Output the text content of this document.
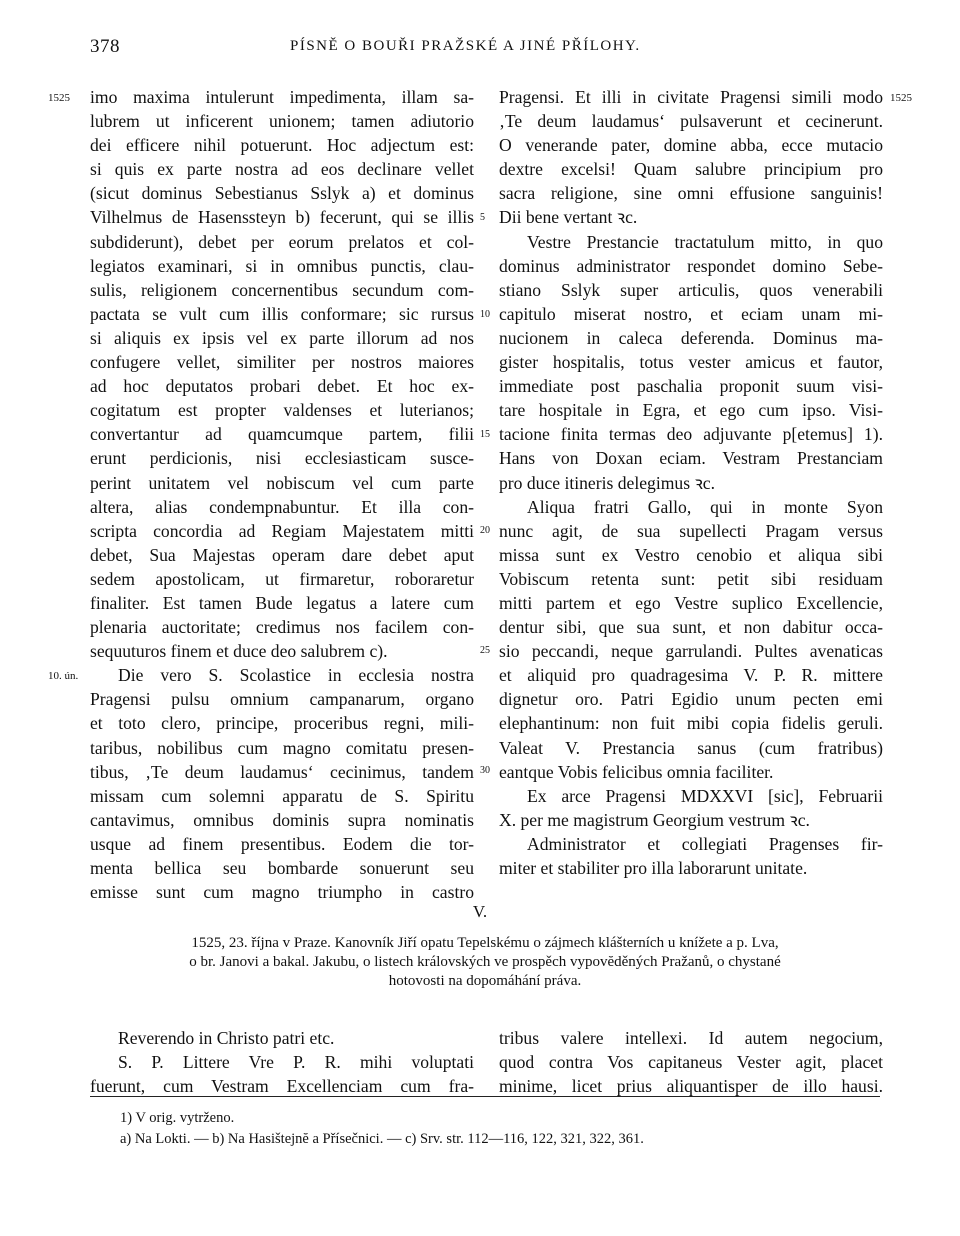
378	PÍSNĚ O BOUŘI PRAŽSKÉ A JINÉ PŘÍLOHY.
1525	1525
10. ún.
5
10
15
20
25
30
imo maxima intulerunt impedimenta, illam sa-
lubrem ut inficerent unionem; tamen adiutorio
dei efficere nihil potuerunt. Hoc adjectum est:
si quis ex parte nostra ad eos declinare vellet
(sicut dominus Sebestianus Sslyk a) et dominus
Vilhelmus de Hasenssteyn b) fecerunt, qui se illis
subdiderunt), debet per eorum prelatos et col-
legiatos examinari, si in omnibus punctis, clau-
sulis, religionem concernentibus secundum com-
pactata se vult cum illis conformare; sic rursus
si aliquis ex ipsis vel ex parte illorum ad nos
confugere vellet, similiter per nostros maiores
ad hoc deputatos probari debet. Et hoc ex-
cogitatum est propter valdenses et luterianos;
convertantur ad quamcumque partem, filii
erunt perdicionis, nisi ecclesiasticam susce-
perint unitatem vel nobiscum vel cum parte
altera, alias condempnabuntur. Et illa con-
scripta concordia ad Regiam Majestatem mitti
debet, Sua Majestas operam dare debet aput
sedem apostolicam, ut firmaretur, roboraretur
finaliter. Est tamen Bude legatus a latere cum
plenaria auctoritate; credimus nos facilem con-
sequuturos finem et duce deo salubrem c).
Die vero S. Scolastice in ecclesia nostra
Pragensi pulsu omnium campanarum, organo
et toto clero, principe, proceribus regni, mili-
taribus, nobilibus cum magno comitatu presen-
tibus, ‚Te deum laudamus‘ cecinimus, tandem
missam cum solemni apparatu de S. Spiritu
cantavimus, omnibus dominis supra nominatis
usque ad finem presentibus. Eodem die tor-
menta bellica seu bombarde sonuerunt seu
emisse sunt cum magno triumpho in castro
Pragensi. Et illi in civitate Pragensi simili modo
‚Te deum laudamus‘ pulsaverunt et cecinerunt.
O venerande pater, domine abba, ecce mutacio
dextre excelsi! Quam salubre principium pro
sacra religione, sine omni effusione sanguinis!
Dii bene vertant ꝛc.
Vestre Prestancie tractatulum mitto, in quo
dominus administrator respondet domino Sebe-
stiano Sslyk super articulis, quos venerabili
capitulo miserat nostro, et eciam unam mi-
nucionem in caleca deferenda. Dominus ma-
gister hospitalis, totus vester amicus et fautor,
immediate post paschalia proponit suum visi-
tare hospitale in Egra, et ego cum ipso. Visi-
tacione finita termas deo adjuvante p[etemus] 1).
Hans von Doxan eciam. Vestram Prestanciam
pro duce itineris delegimus ꝛc.
Aliqua fratri Gallo, qui in monte Syon
nunc agit, de sua supellecti Pragam versus
missa sunt ex Vestro cenobio et aliqua sibi
Vobiscum retenta sunt: petit sibi residuam
mitti partem et ego Vestre suplico Excellencie,
dentur sibi, que sua sunt, et non dabitur occa-
sio peccandi, neque garrulandi. Pultes avenaticas
et aliquid pro quadragesima V. P. R. mittere
dignetur oro. Patri Egidio unum pecten emi
elephantinum: non fuit mibi copia fidelis geruli.
Valeat V. Prestancia sanus (cum fratribus)
eantque Vobis felicibus omnia faciliter.
Ex arce Pragensi MDXXVI [sic], Februarii
X. per me magistrum Georgium vestrum ꝛc.
Administrator et collegiati Pragenses fir-
miter et stabiliter pro illa laborarunt unitate.
V.
1525, 23. října v Praze. Kanovník Jiří opatu Tepelskému o zájmech klášterních u knížete a p. Lva,
o br. Janovi a bakal. Jakubu, o listech královských ve prospěch vypovĕděných Pražanů, o chystané
hotovosti na dopomáhání práva.
Reverendo in Christo patri etc.
S. P. Littere Vre P. R. mihi voluptati
fuerunt, cum Vestram Excellenciam cum fra-
tribus valere intellexi. Id autem negocium,
quod contra Vos capitaneus Vester agit, placet
minime, licet prius aliquantisper de illo hausi.
1) V orig. vytrženo.
a) Na Lokti. — b) Na Hasištejnĕ a Přísečnici. — c) Srv. str. 112—116, 122, 321, 322, 361.
